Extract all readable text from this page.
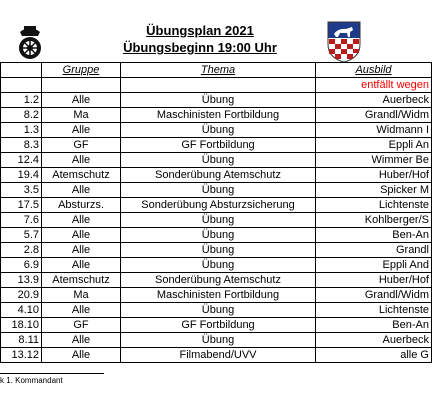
Übungsplan 2021
Übungsbeginn 19:00 Uhr
	Gruppe	Thema	Ausbild
			entfällt wegen
1.2	Alle	Übung	Auerbeck
8.2	Ma	Maschinisten Fortbildung	Grandl/Widm
1.3	Alle	Übung	Widmann I
8.3	GF	GF Fortbildung	Eppli An
12.4	Alle	Übung	Wimmer Be
19.4	Atemschutz	Sonderübung Atemschutz	Huber/Hof
3.5	Alle	Übung	Spicker M
17.5	Absturzs.	Sonderübung Absturzsicherung	Lichtenste
7.6	Alle	Übung	Kohlberger/S
5.7	Alle	Übung	Ben-An
2.8	Alle	Übung	Grandl
6.9	Alle	Übung	Eppli And
13.9	Atemschutz	Sonderübung Atemschutz	Huber/Hof
20.9	Ma	Maschinisten Fortbildung	Grandl/Widm
4.10	Alle	Übung	Lichtenste
18.10	GF	GF Fortbildung	Ben-An
8.11	Alle	Übung	Auerbeck
13.12	Alle	Filmabend/UVV	alle G
k 1. Kommandant
